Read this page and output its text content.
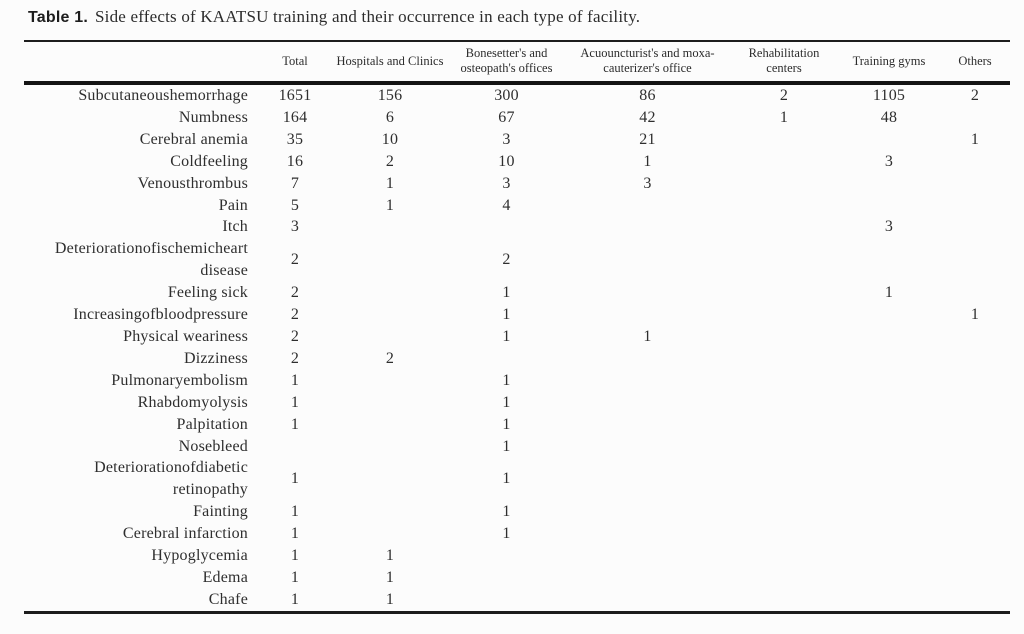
Table 1. Side effects of KAATSU training and their occurrence in each type of facility.
	Total	Hospitals and Clinics	Bonesetter's and osteopath's offices	Acuouncturist's and moxa-cauterizer's office	Rehabilitation centers	Training gyms	Others
Subcutaneoushemorrhage	1651	156	300	86	2	1105	2
Numbness	164	6	67	42	1	48	
Cerebral anemia	35	10	3	21			1
Coldfeeling	16	2	10	1		3	
Venousthrombus	7	1	3	3			
Pain	5	1	4				
Itch	3					3	
Deteriorationofischemicheart disease	2		2				
Feeling sick	2		1			1	
Increasingofbloodpressure	2		1				1
Physical weariness	2		1	1			
Dizziness	2	2					
Pulmonaryembolism	1		1				
Rhabdomyolysis	1		1				
Palpitation	1		1				
Nosebleed			1				
Deteriorationofdiabetic retinopathy	1		1				
Fainting	1		1				
Cerebral infarction	1		1				
Hypoglycemia	1	1					
Edema	1	1					
Chafe	1	1					
